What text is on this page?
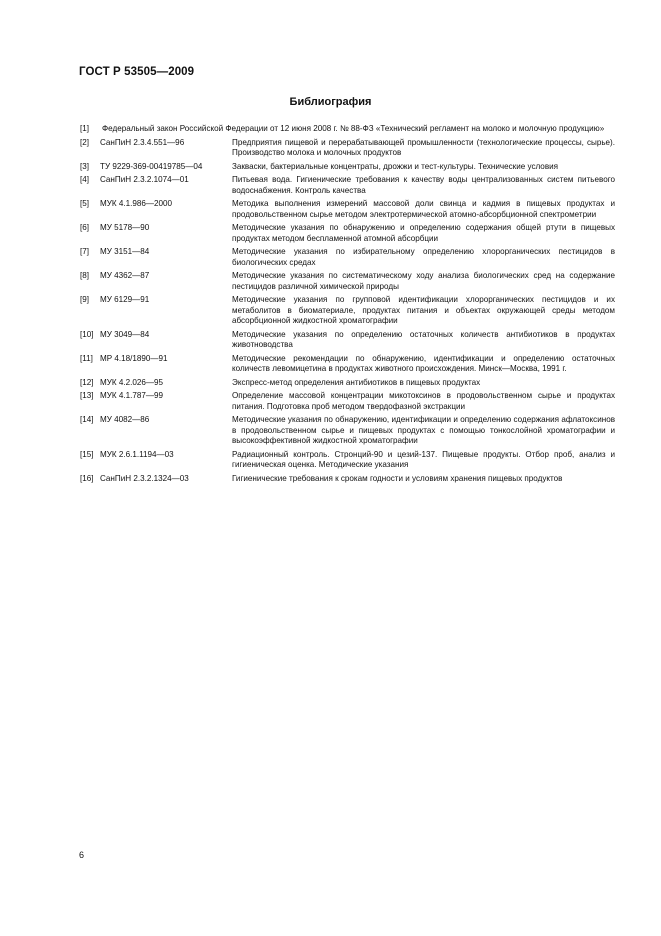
ГОСТ Р 53505—2009
Библиография
[1]	Федеральный закон Российской Федерации от 12 июня 2008 г. № 88-ФЗ «Технический регламент на молоко и молочную продукцию»
[2]	СанПиН 2.3.4.551—96	Предприятия пищевой и перерабатывающей промышленности (технологические процессы, сырье). Производство молока и молочных продуктов
[3]	ТУ 9229-369-00419785—04	Закваски, бактериальные концентраты, дрожжи и тест-культуры. Технические условия
[4]	СанПиН 2.3.2.1074—01	Питьевая вода. Гигиенические требования к качеству воды централизованных систем питьевого водоснабжения. Контроль качества
[5]	МУК 4.1.986—2000	Методика выполнения измерений массовой доли свинца и кадмия в пищевых продуктах и продовольственном сырье методом электротермической атомно-абсорбционной спектрометрии
[6]	МУ 5178—90	Методические указания по обнаружению и определению содержания общей ртути в пищевых продуктах методом беспламенной атомной абсорбции
[7]	МУ 3151—84	Методические указания по избирательному определению хлорорганических пестицидов в биологических средах
[8]	МУ 4362—87	Методические указания по систематическому ходу анализа биологических сред на содержание пестицидов различной химической природы
[9]	МУ 6129—91	Методические указания по групповой идентификации хлорорганических пестицидов и их метаболитов в биоматериале, продуктах питания и объектах окружающей среды методом абсорбционной жидкостной хроматографии
[10] МУ 3049—84	Методические указания по определению остаточных количеств антибиотиков в продуктах животноводства
[11] МР 4.18/1890—91	Методические рекомендации по обнаружению, идентификации и определению остаточных количеств левомицетина в продуктах животного происхождения. Минск—Москва, 1991 г.
[12] МУК 4.2.026—95	Экспресс-метод определения антибиотиков в пищевых продуктах
[13] МУК 4.1.787—99	Определение массовой концентрации микотоксинов в продовольственном сырье и продуктах питания. Подготовка проб методом твердофазной экстракции
[14] МУ 4082—86	Методические указания по обнаружению, идентификации и определению содержания афлатоксинов в продовольственном сырье и пищевых продуктах с помощью тонкослойной хроматографии и высокоэффективной жидкостной хроматографии
[15] МУК 2.6.1.1194—03	Радиационный контроль. Стронций-90 и цезий-137. Пищевые продукты. Отбор проб, анализ и гигиеническая оценка. Методические указания
[16] СанПиН 2.3.2.1324—03	Гигиенические требования к срокам годности и условиям хранения пищевых продуктов
6
